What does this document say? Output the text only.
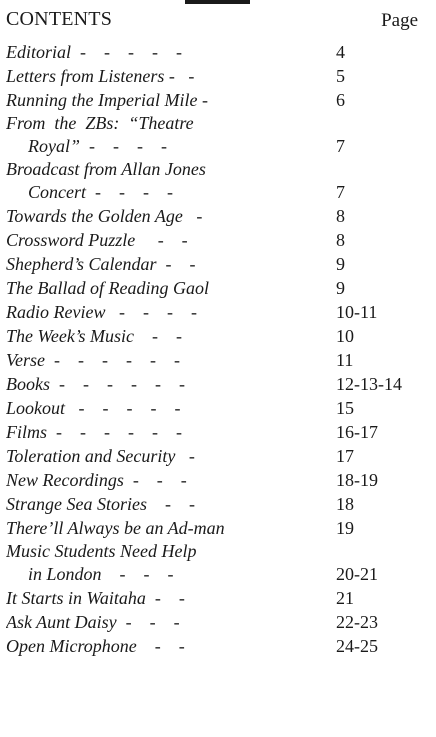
CONTENTS	Page
Editorial  -    -    -    -    -	4
Letters from Listeners -   -	5
Running the Imperial Mile -	6
From  the  ZBs:  “Theatre
Royal”  -    -    -    -	7
Broadcast from Allan Jones
Concert  -    -    -    -	7
Towards the Golden Age   -	8
Crossword Puzzle     -    -	8
Shepherd’s Calendar  -    -	9
The Ballad of Reading Gaol	9
Radio Review   -    -    -    -	10-11
The Week’s Music    -    -	10
Verse  -    -    -    -    -    -	11
Books  -    -    -    -    -    -	12-13-14
Lookout   -    -    -    -    -	15
Films  -    -    -    -    -    -	16-17
Toleration and Security   -	17
New Recordings  -    -    -	18-19
Strange Sea Stories    -    -	18
There’ll Always be an Ad-man	19
Music Students Need Help
in London    -    -    -	20-21
It Starts in Waitaha  -    -	21
Ask Aunt Daisy  -    -    -	22-23
Open Microphone    -    -	24-25
